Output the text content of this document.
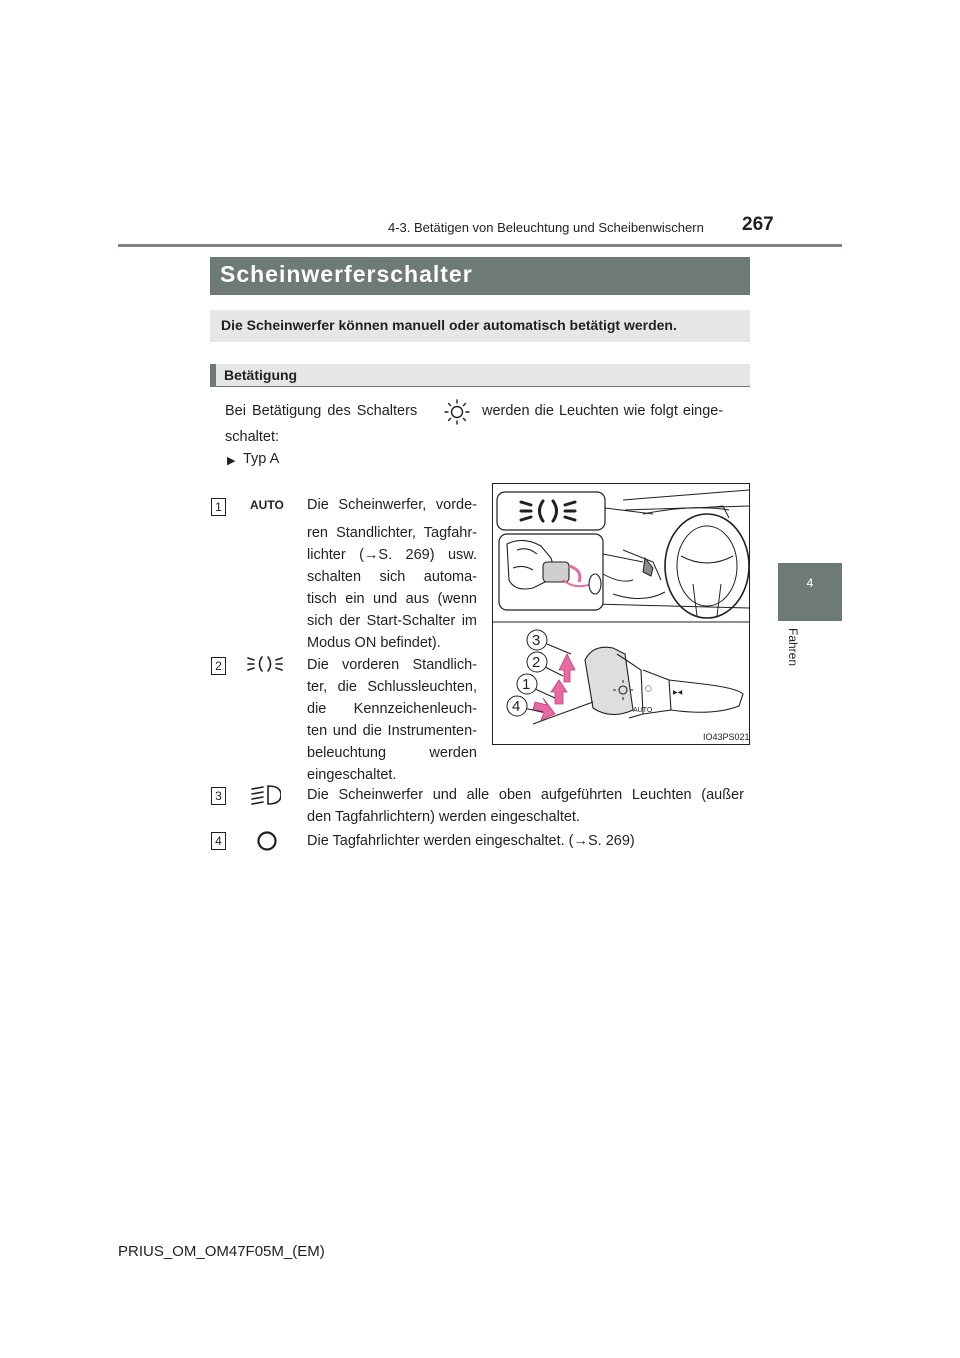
4-3. Betätigen von Beleuchtung und Scheibenwischern 267
4
Fahren
Scheinwerferschalter
Die Scheinwerfer können manuell oder automatisch betätigt werden.
Betätigung
Bei Betätigung des Schalters	werden die Leuchten wie folgt einge-
schaltet:
▶ Typ A
1	AUTO Die Scheinwerfer, vorde-
ren Standlichter, Tagfahr-
lichter (→S. 269) usw.
schalten sich automa-
tisch ein und aus (wenn
sich der Start-Schalter im
Modus ON befindet).
2	Die vorderen Standlich-
ter, die Schlussleuchten,
die Kennzeichenleuch-
ten und die Instrumenten-
beleuchtung werden
eingeschaltet.
3	Die Scheinwerfer und alle oben aufgeführten Leuchten (außer
den Tagfahrlichtern) werden eingeschaltet.
4	Die Tagfahrlichter werden eingeschaltet. (→S. 269)
AUTO
◯
▶◀
3
2
1
4
IO43PS021
PRIUS_OM_OM47F05M_(EM)
